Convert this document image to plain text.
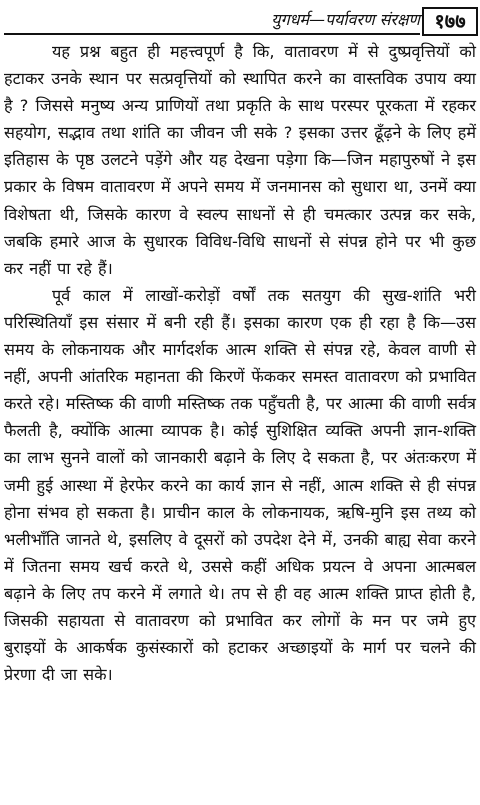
युगधर्म—पर्यावरण संरक्षण १७७

यह प्रश्न बहुत ही महत्त्वपूर्ण है कि, वातावरण में से दुष्प्रवृत्तियों को हटाकर उनके स्थान पर सत्प्रवृत्तियों को स्थापित करने का वास्तविक उपाय क्या है ? जिससे मनुष्य अन्य प्राणियों तथा प्रकृति के साथ परस्पर पूरकता में रहकर सहयोग, सद्भाव तथा शांति का जीवन जी सके ? इसका उत्तर ढूँढ़ने के लिए हमें इतिहास के पृष्ठ उलटने पड़ेंगे और यह देखना पड़ेगा कि—जिन महापुरुषों ने इस प्रकार के विषम वातावरण में अपने समय में जनमानस को सुधारा था, उनमें क्या विशेषता थी, जिसके कारण वे स्वल्प साधनों से ही चमत्कार उत्पन्न कर सके, जबकि हमारे आज के सुधारक विविध-विधि साधनों से संपन्न होने पर भी कुछ कर नहीं पा रहे हैं।

पूर्व काल में लाखों-करोड़ों वर्षों तक सतयुग की सुख-शांति भरी परिस्थितियाँ इस संसार में बनी रही हैं। इसका कारण एक ही रहा है कि—उस समय के लोकनायक और मार्गदर्शक आत्म शक्ति से संपन्न रहे, केवल वाणी से नहीं, अपनी आंतरिक महानता की किरणें फेंककर समस्त वातावरण को प्रभावित करते रहे। मस्तिष्क की वाणी मस्तिष्क तक पहुँचती है, पर आत्मा की वाणी सर्वत्र फैलती है, क्योंकि आत्मा व्यापक है। कोई सुशिक्षित व्यक्ति अपनी ज्ञान-शक्ति का लाभ सुनने वालों को जानकारी बढ़ाने के लिए दे सकता है, पर अंतःकरण में जमी हुई आस्था में हेरफेर करने का कार्य ज्ञान से नहीं, आत्म शक्ति से ही संपन्न होना संभव हो सकता है। प्राचीन काल के लोकनायक, ऋषि-मुनि इस तथ्य को भलीभाँति जानते थे, इसलिए वे दूसरों को उपदेश देने में, उनकी बाह्य सेवा करने में जितना समय खर्च करते थे, उससे कहीं अधिक प्रयत्न वे अपना आत्मबल बढ़ाने के लिए तप करने में लगाते थे। तप से ही वह आत्म शक्ति प्राप्त होती है, जिसकी सहायता से वातावरण को प्रभावित कर लोगों के मन पर जमे हुए बुराइयों के आकर्षक कुसंस्कारों को हटाकर अच्छाइयों के मार्ग पर चलने की प्रेरणा दी जा सके।
